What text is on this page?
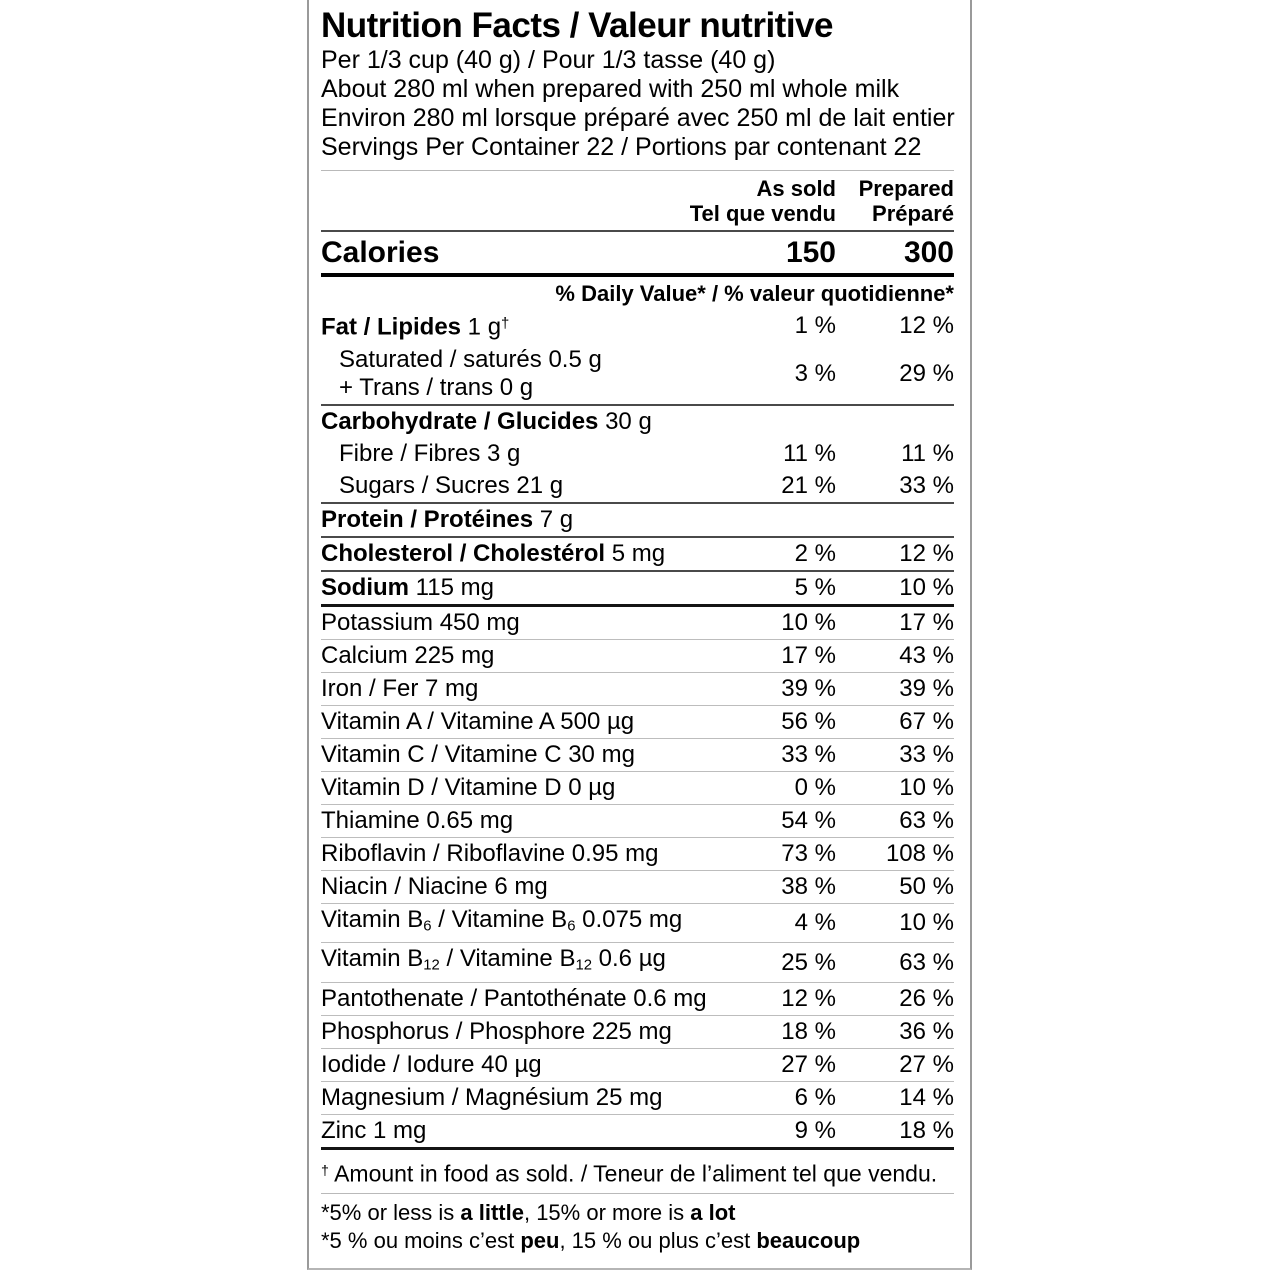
Nutrition Facts / Valeur nutritive

Per 1/3 cup (40 g) / Pour 1/3 tasse (40 g)

About 280 ml when prepared with 250 ml whole milk

Environ 280 ml lorsque préparé avec 250 ml de lait entier

Servings Per Container 22 / Portions par contenant 22

As sold
Tel que vendu
Prepared
Préparé
Calories	150	300
% Daily Value* / % valeur quotidienne*
Fat / Lipides 1 g†	1 %	12 %
Saturated / saturés 0.5 g
+ Trans / trans 0 g
3 %	29 %
Carbohydrate / Glucides 30 g
Fibre / Fibres 3 g	11 %	11 %
Sugars / Sucres 21 g	21 %	33 %
Protein / Protéines 7 g
Cholesterol / Cholestérol 5 mg	2 %	12 %
Sodium 115 mg	5 %	10 %
Potassium 450 mg	10 %	17 %
Calcium 225 mg	17 %	43 %
Iron / Fer 7 mg	39 %	39 %
Vitamin A / Vitamine A 500 µg	56 %	67 %
Vitamin C / Vitamine C 30 mg	33 %	33 %
Vitamin D / Vitamine D 0 µg	0 %	10 %
Thiamine 0.65 mg	54 %	63 %
Riboflavin / Riboflavine 0.95 mg	73 %	108 %
Niacin / Niacine 6 mg	38 %	50 %
Vitamin $B_6$ / Vitamine $B_6$ 0.075 mg	4 %	10 %
Vitamin $B_{12}$ / Vitamine $B_{12}$ 0.6 µg	25 %	63 %
Pantothenate / Pantothénate 0.6 mg	12 %	26 %
Phosphorus / Phosphore 225 mg	18 %	36 %
Iodide / Iodure 40 µg	27 %	27 %
Magnesium / Magnésium 25 mg	6 %	14 %
Zinc 1 mg	9 %	18 %
† Amount in food as sold. / Teneur de l’aliment tel que vendu.
*5% or less is a little, 15% or more is a lot
*5 % ou moins c’est peu, 15 % ou plus c’est beaucoup
